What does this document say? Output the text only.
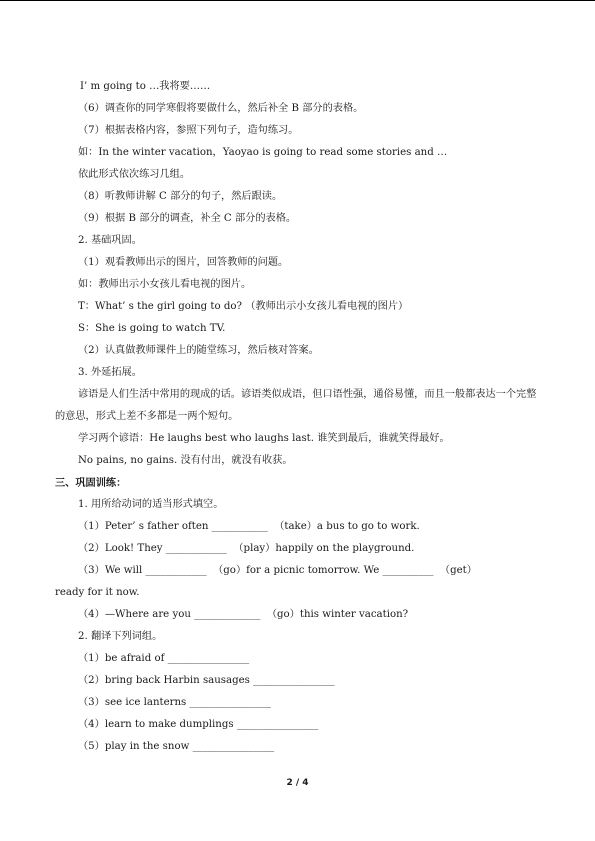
I’ m going to …我将要……
（6）调查你的同学寒假将要做什么，然后补全 B 部分的表格。
（7）根据表格内容，参照下列句子，造句练习。
如：In the winter vacation，Yaoyao is going to read some stories and …
依此形式依次练习几组。
（8）听教师讲解 C 部分的句子，然后跟读。
（9）根据 B 部分的调查，补全 C 部分的表格。
2. 基础巩固。
（1）观看教师出示的图片，回答教师的问题。
如：教师出示小女孩儿看电视的图片。
T：What’ s the girl going to do? （教师出示小女孩儿看电视的图片）
S：She is going to watch TV.
（2）认真做教师课件上的随堂练习，然后核对答案。
3. 外延拓展。
谚语是人们生活中常用的现成的话。谚语类似成语，但口语性强，通俗易懂，而且一般都表达一个完整的意思，形式上差不多都是一两个短句。
学习两个谚语：He laughs best who laughs last. 谁笑到最后，谁就笑得最好。
No pains, no gains. 没有付出，就没有收获。
三、巩固训练：
1. 用所给动词的适当形式填空。
（1）Peter’ s father often ___________  （take）a bus to go to work.
（2）Look! They ____________  （play）happily on the playground.
（3）We will ____________  （go）for a picnic tomorrow. We __________  （get）
ready for it now.
（4）—Where are you _____________  （go）this winter vacation?
2. 翻译下列词组。
（1）be afraid of ________________
（2）bring back Harbin sausages ________________
（3）see ice lanterns ________________
（4）learn to make dumplings ________________
（5）play in the snow ________________
2 / 4
